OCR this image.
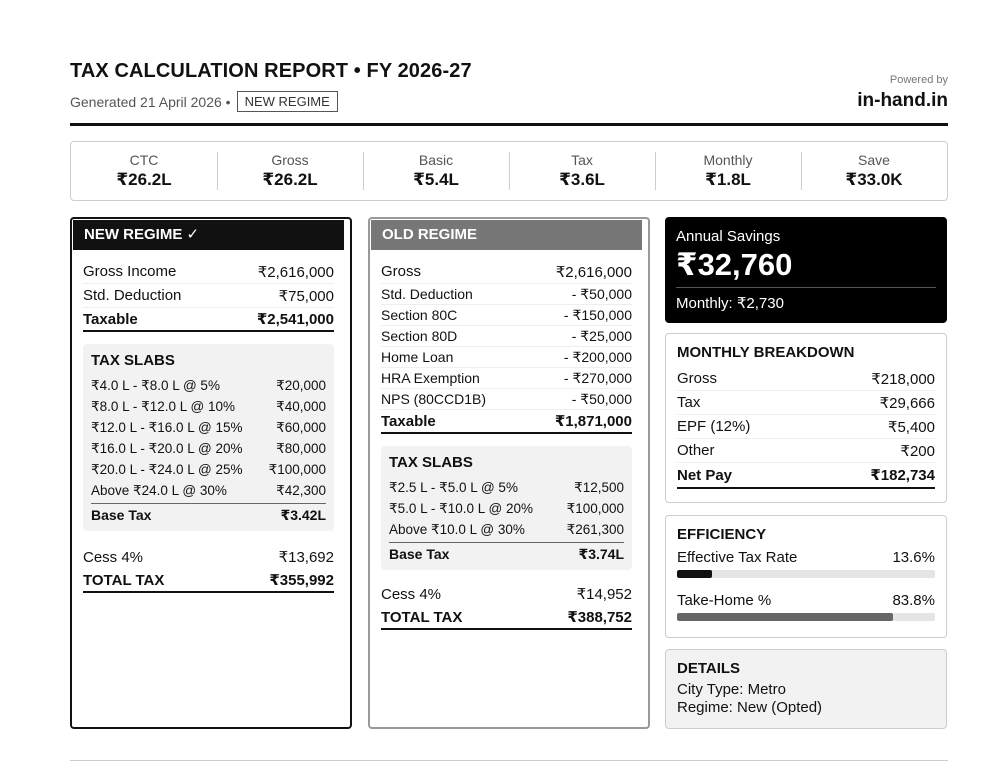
TAX CALCULATION REPORT • FY 2026-27
Generated 21 April 2026 •	NEW REGIME
Powered by
in-hand.in
CTC
₹26.2L
Gross
₹26.2L
Basic
₹5.4L
Tax
₹3.6L
Monthly
₹1.8L
Save
₹33.0K
NEW REGIME ✓
Gross Income	₹2,616,000
Std. Deduction	₹75,000
Taxable	₹2,541,000
TAX SLABS
₹4.0 L - ₹8.0 L @ 5%	₹20,000
₹8.0 L - ₹12.0 L @ 10%	₹40,000
₹12.0 L - ₹16.0 L @ 15% ₹60,000
₹16.0 L - ₹20.0 L @ 20% ₹80,000
₹20.0 L - ₹24.0 L @ 25% ₹100,000
Above ₹24.0 L @ 30%	₹42,300
Base Tax	₹3.42L
Cess 4%	₹13,692
TOTAL TAX	₹355,992
OLD REGIME
Gross	₹2,616,000
Std. Deduction	- ₹50,000
Section 80C	- ₹150,000
Section 80D	- ₹25,000
Home Loan	- ₹200,000
HRA Exemption	- ₹270,000
NPS (80CCD1B)	- ₹50,000
Taxable	₹1,871,000
TAX SLABS
₹2.5 L - ₹5.0 L @ 5%	₹12,500
₹5.0 L - ₹10.0 L @ 20% ₹100,000
Above ₹10.0 L @ 30%	₹261,300
Base Tax	₹3.74L
Cess 4%	₹14,952
TOTAL TAX	₹388,752
Annual Savings
₹32,760
Monthly: ₹2,730
MONTHLY BREAKDOWN
Gross	₹218,000
Tax	₹29,666
EPF (12%)	₹5,400
Other	₹200
Net Pay	₹182,734
EFFICIENCY
Effective Tax Rate	13.6%
Take-Home %	83.8%
DETAILS
City Type: Metro
Regime: New (Opted)
